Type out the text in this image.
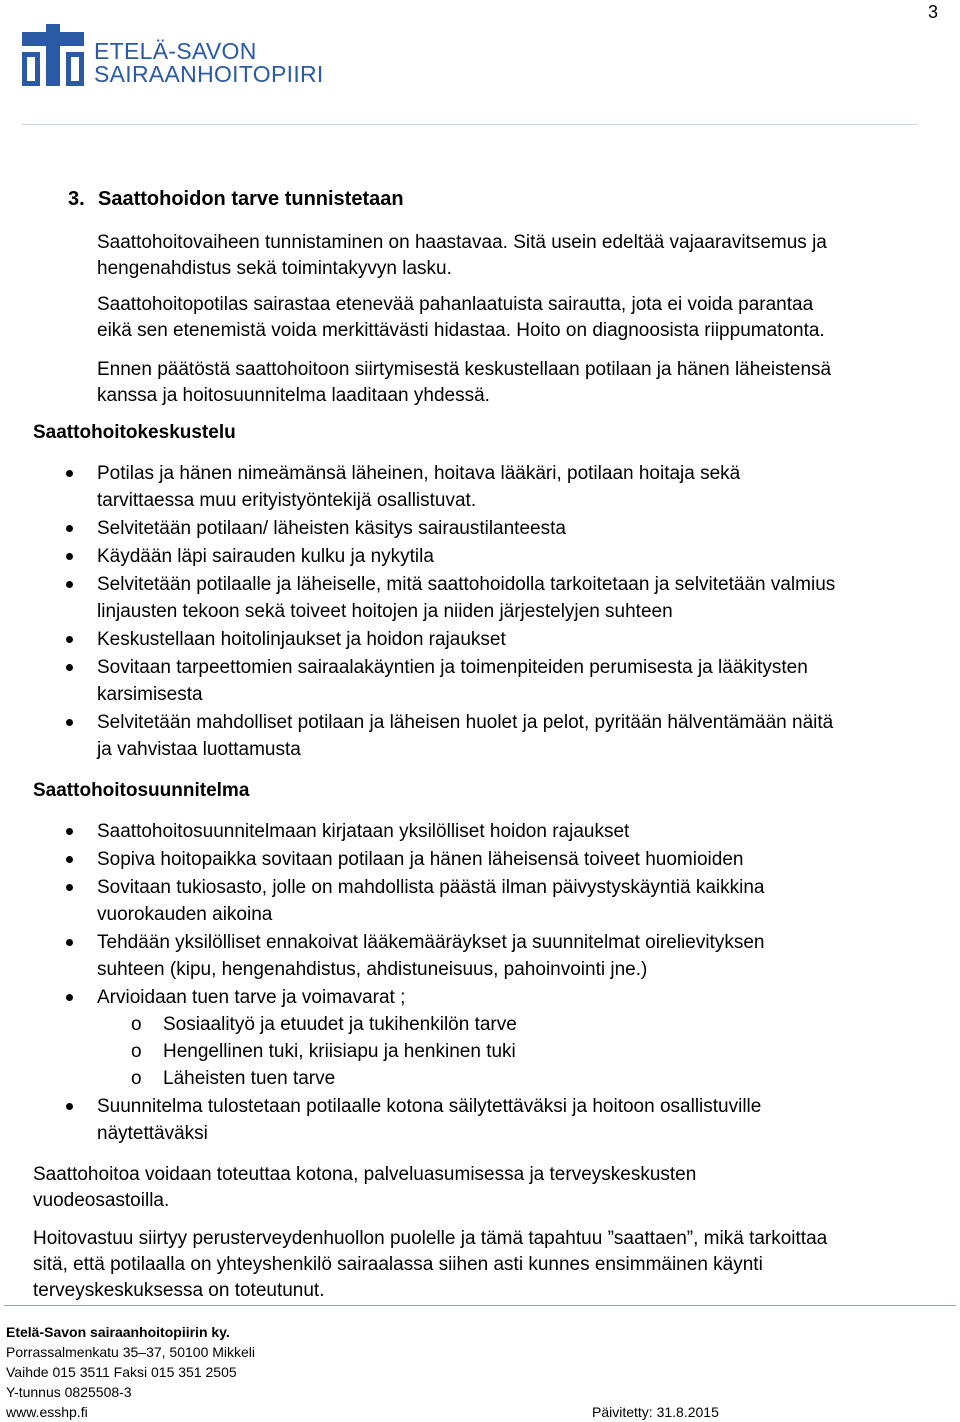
3
ETELÄ-SAVON
SAIRAANHOITOPIIRI
3. Saattohoidon tarve tunnistetaan
Saattohoitovaiheen tunnistaminen on haastavaa. Sitä usein edeltää vajaaravitsemus ja
hengenahdistus sekä toimintakyvyn lasku.
Saattohoitopotilas sairastaa etenevää pahanlaatuista sairautta, jota ei voida parantaa
eikä sen etenemistä voida merkittävästi hidastaa. Hoito on diagnoosista riippumatonta.
Ennen päätöstä saattohoitoon siirtymisestä keskustellaan potilaan ja hänen läheistensä
kanssa ja hoitosuunnitelma laaditaan yhdessä.
Saattohoitokeskustelu
Potilas ja hänen nimeämänsä läheinen, hoitava lääkäri, potilaan hoitaja sekä
tarvittaessa muu erityistyöntekijä osallistuvat.
Selvitetään potilaan/ läheisten käsitys sairaustilanteesta
Käydään läpi sairauden kulku ja nykytila
Selvitetään potilaalle ja läheiselle, mitä saattohoidolla tarkoitetaan ja selvitetään valmius
linjausten tekoon sekä toiveet hoitojen ja niiden järjestelyjen suhteen
Keskustellaan hoitolinjaukset ja hoidon rajaukset
Sovitaan tarpeettomien sairaalakäyntien ja toimenpiteiden perumisesta ja lääkitysten
karsimisesta
Selvitetään mahdolliset potilaan ja läheisen huolet ja pelot, pyritään hälventämään näitä
ja vahvistaa luottamusta
Saattohoitosuunnitelma
Saattohoitosuunnitelmaan kirjataan yksilölliset hoidon rajaukset
Sopiva hoitopaikka sovitaan potilaan ja hänen läheisensä toiveet huomioiden
Sovitaan tukiosasto, jolle on mahdollista päästä ilman päivystyskäyntiä kaikkina
vuorokauden aikoina
Tehdään yksilölliset ennakoivat lääkemääräykset ja suunnitelmat oirelievityksen
suhteen (kipu, hengenahdistus, ahdistuneisuus, pahoinvointi jne.)
Arvioidaan tuen tarve ja voimavarat ;
o Sosiaalityö ja etuudet ja tukihenkilön tarve
o Hengellinen tuki, kriisiapu ja henkinen tuki
o Läheisten tuen tarve
Suunnitelma tulostetaan potilaalle kotona säilytettäväksi ja hoitoon osallistuville
näytettäväksi
Saattohoitoa voidaan toteuttaa kotona, palveluasumisessa ja terveyskeskusten
vuodeosastoilla.
Hoitovastuu siirtyy perusterveydenhuollon puolelle ja tämä tapahtuu ”saattaen”, mikä tarkoittaa
sitä, että potilaalla on yhteyshenkilö sairaalassa siihen asti kunnes ensimmäinen käynti
terveyskeskuksessa on toteutunut.
Etelä-Savon sairaanhoitopiirin ky.
Porrassalmenkatu 35–37, 50100 Mikkeli
Vaihde 015 3511 Faksi 015 351 2505
Y-tunnus 0825508-3
www.esshp.fi	Päivitetty: 31.8.2015
